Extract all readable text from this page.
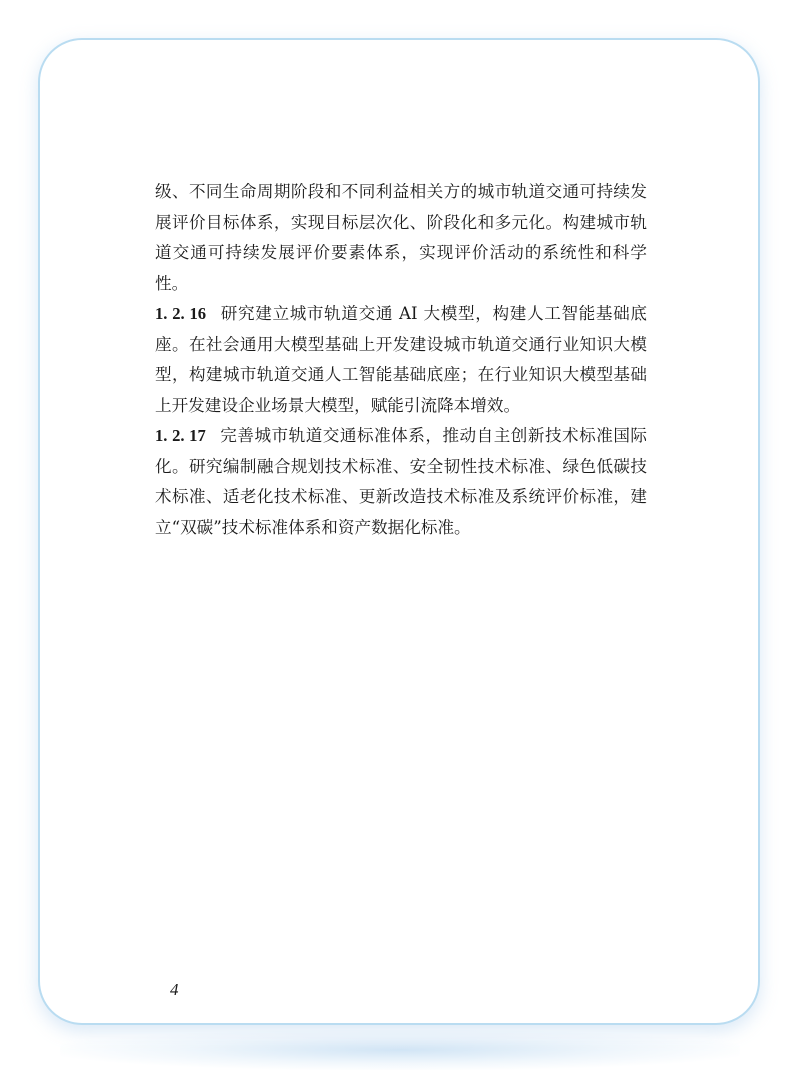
级、不同生命周期阶段和不同利益相关方的城市轨道交通可持续发展评价目标体系，实现目标层次化、阶段化和多元化。构建城市轨道交通可持续发展评价要素体系，实现评价活动的系统性和科学性。

1. 2. 16 研究建立城市轨道交通 AI 大模型，构建人工智能基础底座。在社会通用大模型基础上开发建设城市轨道交通行业知识大模型，构建城市轨道交通人工智能基础底座；在行业知识大模型基础上开发建设企业场景大模型，赋能引流降本增效。

1. 2. 17 完善城市轨道交通标准体系，推动自主创新技术标准国际化。研究编制融合规划技术标准、安全韧性技术标准、绿色低碳技术标准、适老化技术标准、更新改造技术标准及系统评价标准，建立“双碳”技术标准体系和资产数据化标准。

4
